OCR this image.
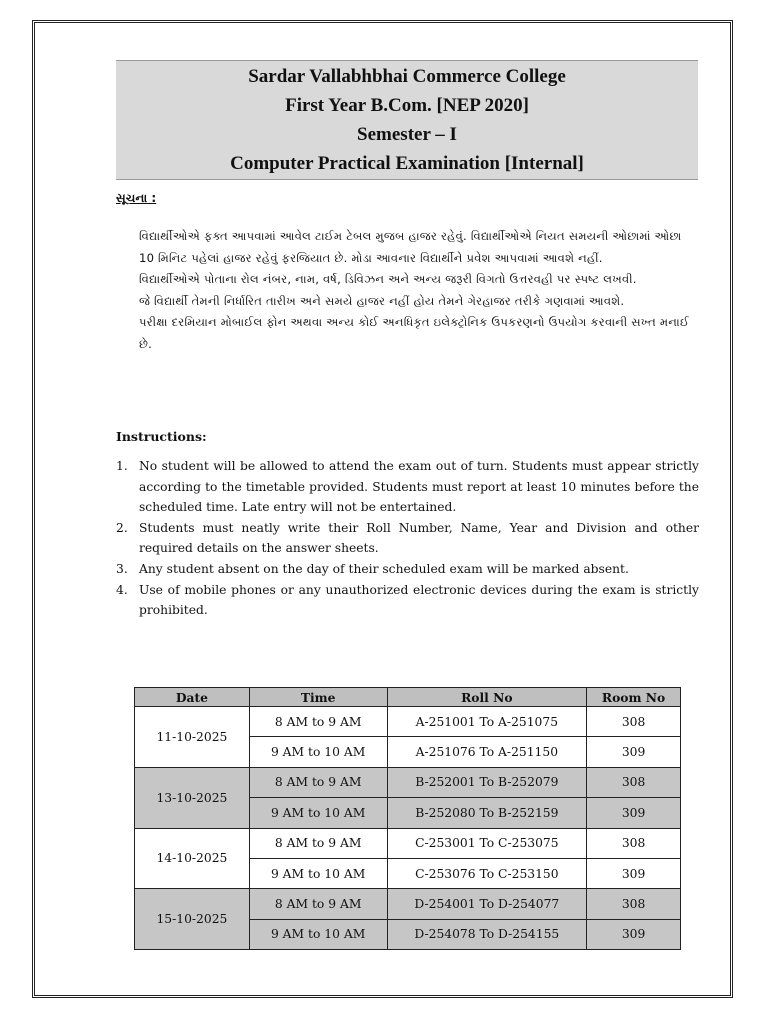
Sardar Vallabhbhai Commerce College
First Year B.Com. [NEP 2020]
Semester – I
Computer Practical Examination [Internal]
સૂચના :

વિદ્યાર્થીઓએ ફક્ત આપવામાં આવેલ ટાઈમ ટેબલ મુજબ હાજર રહેવું. વિદ્યાર્થીઓએ નિયત સમયની ઓછામાં ઓછા 10 મિનિટ પહેલાં હાજર રહેવું ફરજિયાત છે. મોડા આવનાર વિદ્યાર્થીને પ્રવેશ આપવામાં આવશે નહીં.

વિદ્યાર્થીઓએ પોતાના રોલ નંબર, નામ, વર્ષ, ડિવિઝન અને અન્ય જરૂરી વિગતો ઉત્તરવહી પર સ્પષ્ટ લખવી.

જે વિદ્યાર્થી તેમની નિર્ધારિત તારીખ અને સમયે હાજર નહીં હોય તેમને ગેરહાજર તરીકે ગણવામાં આવશે.

પરીક્ષા દરમિયાન મોબાઈલ ફોન અથવા અન્ય કોઈ અનધિકૃત ઇલેક્ટ્રોનિક ઉપકરણનો ઉપયોગ કરવાની સખ્ત મનાઈ છે.

Instructions:
1. No student will be allowed to attend the exam out of turn. Students must appear strictly according to the timetable provided. Students must report at least 10 minutes before the scheduled time. Late entry will not be entertained.
2. Students must neatly write their Roll Number, Name, Year and Division and other required details on the answer sheets.
3. Any student absent on the day of their scheduled exam will be marked absent.
4. Use of mobile phones or any unauthorized electronic devices during the exam is strictly prohibited.
Date	Time	Roll No	Room No
11-10-2025	8 AM to 9 AM	A-251001 To A-251075	308
	9 AM to 10 AM	A-251076 To A-251150	309
13-10-2025	8 AM to 9 AM	B-252001 To B-252079	308
	9 AM to 10 AM	B-252080 To B-252159	309
14-10-2025	8 AM to 9 AM	C-253001 To C-253075	308
	9 AM to 10 AM	C-253076 To C-253150	309
15-10-2025	8 AM to 9 AM	D-254001 To D-254077	308
	9 AM to 10 AM	D-254078 To D-254155	309
